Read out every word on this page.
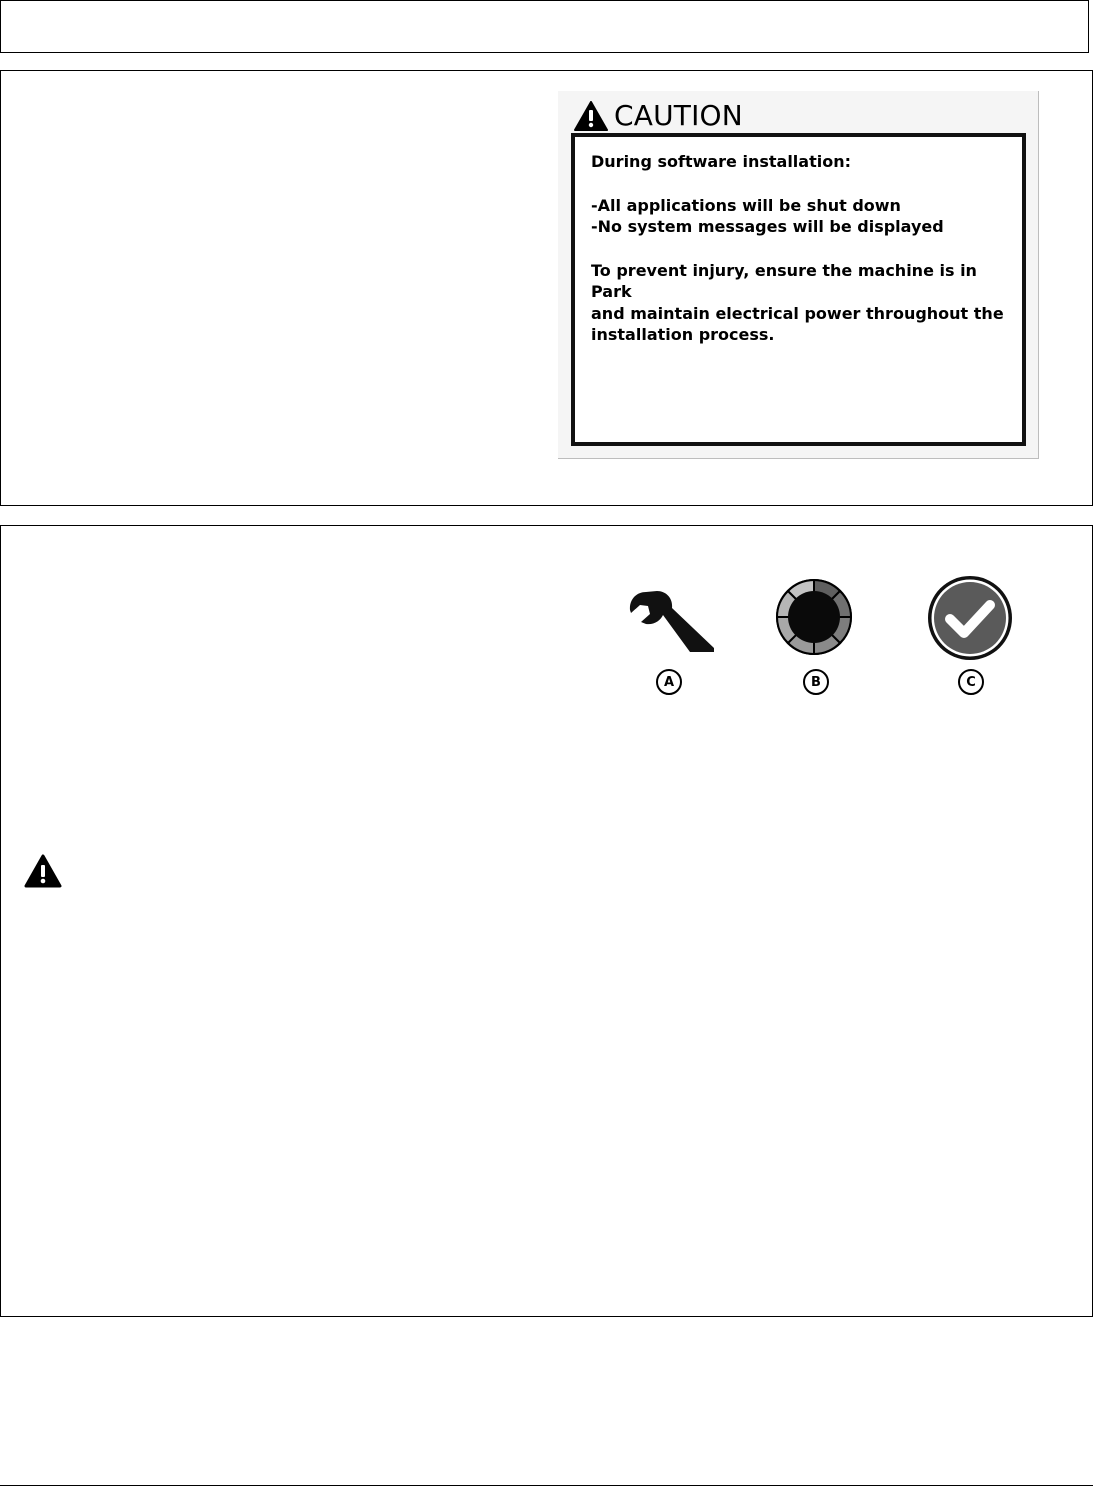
CAUTION

During software installation:

-All applications will be shut down

-No system messages will be displayed

To prevent injury, ensure the machine is in Park

and maintain electrical power throughout the

installation process.

A	B	C
